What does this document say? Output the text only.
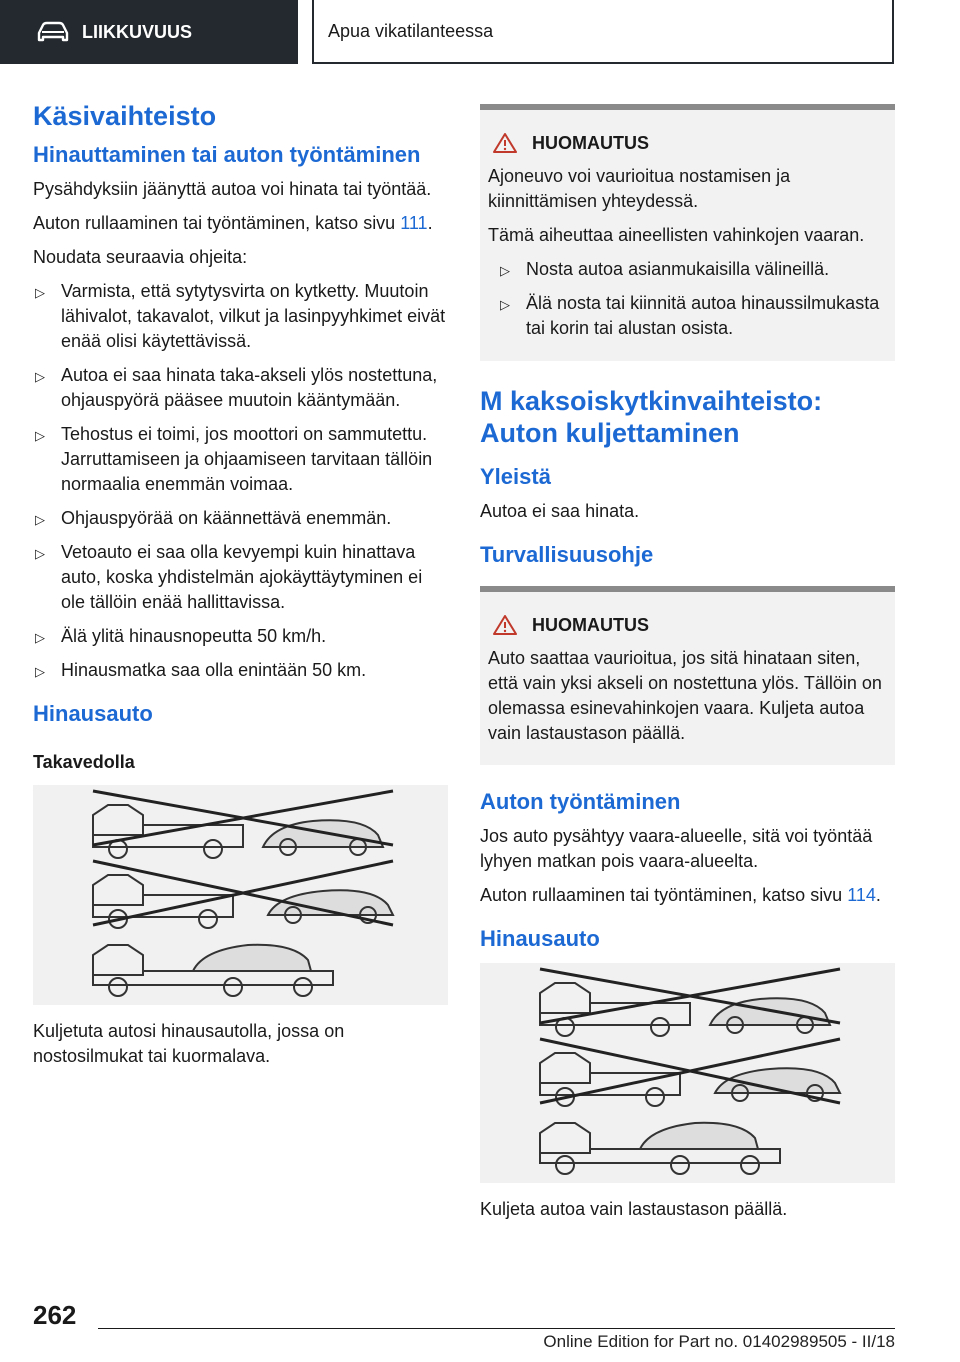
LIIKKUVUUS	Apua vikatilanteessa
Käsivaihteisto
Hinauttaminen tai auton työntäminen

Pysähdyksiin jäänyttä autoa voi hinata tai työntää.

Auton rullaaminen tai työntäminen, katso sivu 111.

Noudata seuraavia ohjeita:

▷ Varmista, että sytytysvirta on kytketty. Muutoin lähivalot, takavalot, vilkut ja lasinpyyhkimet eivät enää olisi käytettävissä.
▷ Autoa ei saa hinata taka-akseli ylös nostettuna, ohjauspyörä pääsee muutoin kääntymään.
▷ Tehostus ei toimi, jos moottori on sammutettu. Jarruttamiseen ja ohjaamiseen tarvitaan tällöin normaalia enemmän voimaa.
▷ Ohjauspyörää on käännettävä enemmän.
▷ Vetoauto ei saa olla kevyempi kuin hinattava auto, koska yhdistelmän ajokäyttäytyminen ei ole tällöin enää hallittavissa.
▷ Älä ylitä hinausnopeutta 50 km/h.
▷ Hinausmatka saa olla enintään 50 km.
Hinausauto
Takavedolla

Kuljetuta autosi hinausautolla, jossa on nostosilmukat tai kuormalava.

HUOMAUTUS

Ajoneuvo voi vaurioitua nostamisen ja kiinnittämisen yhteydessä.

Tämä aiheuttaa aineellisten vahinkojen vaaran.

▷ Nosta autoa asianmukaisilla välineillä.
▷ Älä nosta tai kiinnitä autoa hinaussilmukasta tai korin tai alustan osista.
M kaksoiskytkinvaihteisto: Auton kuljettaminen
Yleistä

Autoa ei saa hinata.

Turvallisuusohje
HUOMAUTUS

Auto saattaa vaurioitua, jos sitä hinataan siten, että vain yksi akseli on nostettuna ylös. Tällöin on olemassa esinevahinkojen vaara. Kuljeta autoa vain lastaustason päällä.

Auton työntäminen

Jos auto pysähtyy vaara-alueelle, sitä voi työntää lyhyen matkan pois vaara-alueelta.

Auton rullaaminen tai työntäminen, katso sivu 114.

Hinausauto

Kuljeta autoa vain lastaustason päällä.

262
Online Edition for Part no. 01402989505 - II/18
